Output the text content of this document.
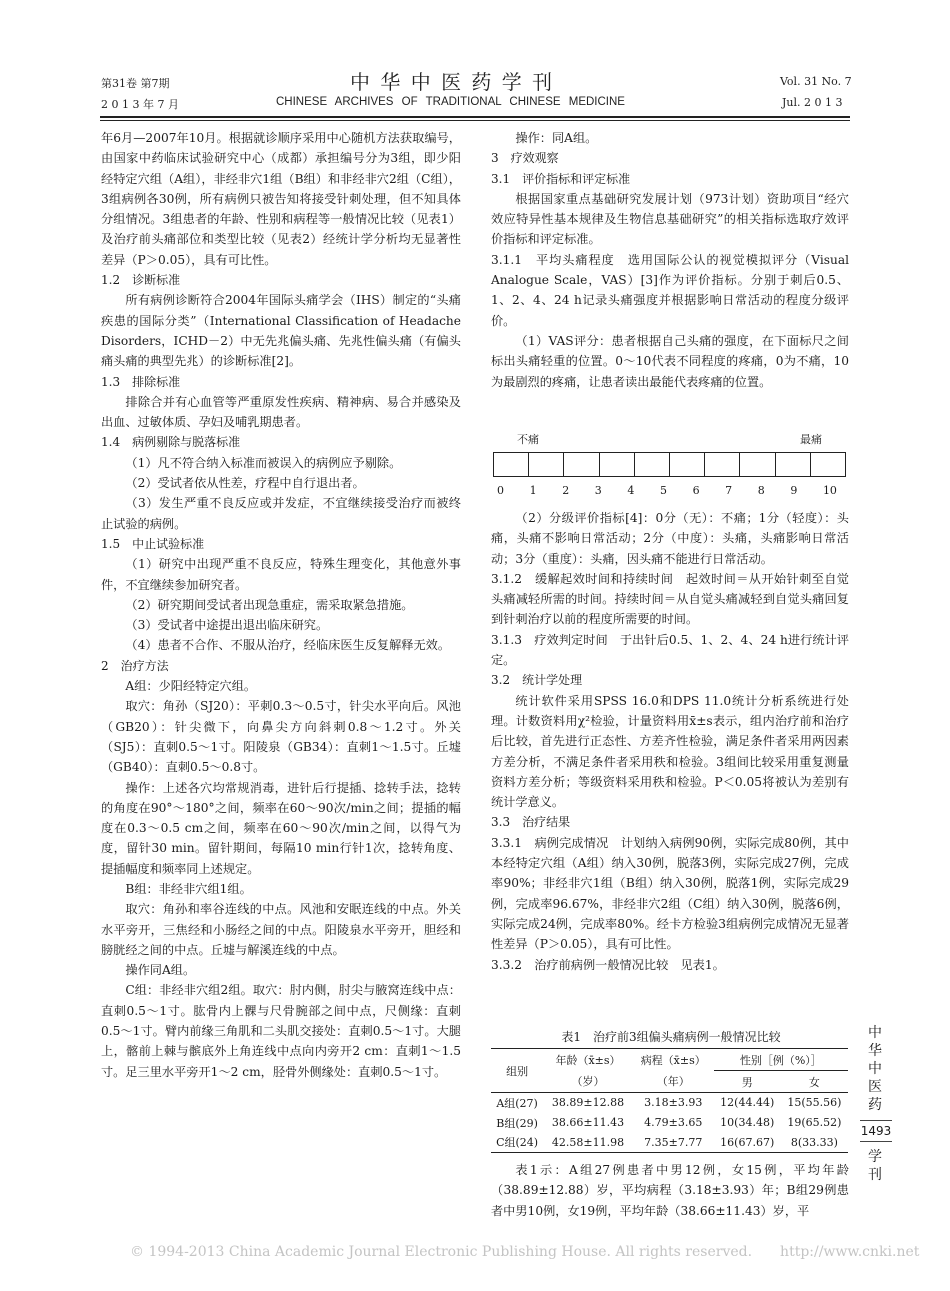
第31卷 第7期
2 0 1 3 年 7 月
中 华 中 医 药 学 刊
CHINESE ARCHIVES OF TRADITIONAL CHINESE MEDICINE
Vol. 31 No. 7
Jul. 2 0 1 3

年6月—2007年10月。根据就诊顺序采用中心随机方法获取编号，由国家中药临床试验研究中心（成都）承担编号分为3组，即少阳经特定穴组（A组），非经非穴1组（B组）和非经非穴2组（C组），3组病例各30例，所有病例只被告知将接受针刺处理，但不知具体分组情况。3组患者的年龄、性别和病程等一般情况比较（见表1）及治疗前头痛部位和类型比较（见表2）经统计学分析均无显著性差异（P＞0.05），具有可比性。

1.2　诊断标准

所有病例诊断符合2004年国际头痛学会（IHS）制定的“头痛疾患的国际分类”（International Classification of Headache Disorders，ICHD－2）中无先兆偏头痛、先兆性偏头痛（有偏头痛头痛的典型先兆）的诊断标准[2]。

1.3　排除标准

排除合并有心血管等严重原发性疾病、精神病、易合并感染及出血、过敏体质、孕妇及哺乳期患者。

1.4　病例剔除与脱落标准

（1）凡不符合纳入标准而被误入的病例应予剔除。

（2）受试者依从性差，疗程中自行退出者。

（3）发生严重不良反应或并发症，不宜继续接受治疗而被终止试验的病例。

1.5　中止试验标准

（1）研究中出现严重不良反应，特殊生理变化，其他意外事件，不宜继续参加研究者。

（2）研究期间受试者出现急重症，需采取紧急措施。

（3）受试者中途提出退出临床研究。

（4）患者不合作、不服从治疗，经临床医生反复解释无效。

2　治疗方法

A组：少阳经特定穴组。

取穴：角孙（SJ20）：平刺0.3～0.5寸，针尖水平向后。风池（GB20）：针尖微下，向鼻尖方向斜刺0.8～1.2寸。外关（SJ5）：直刺0.5～1寸。阳陵泉（GB34）：直刺1～1.5寸。丘墟（GB40）：直刺0.5～0.8寸。

操作：上述各穴均常规消毒，进针后行提插、捻转手法，捻转的角度在90°～180°之间，频率在60～90次/min之间；提插的幅度在0.3～0.5 cm之间，频率在60～90次/min之间，以得气为度，留针30 min。留针期间，每隔10 min行针1次，捻转角度、提插幅度和频率同上述规定。

B组：非经非穴组1组。

取穴：角孙和率谷连线的中点。风池和安眠连线的中点。外关水平旁开，三焦经和小肠经之间的中点。阳陵泉水平旁开，胆经和膀胱经之间的中点。丘墟与解溪连线的中点。

操作同A组。

C组：非经非穴组2组。取穴：肘内侧，肘尖与腋窝连线中点：直刺0.5～1寸。肱骨内上髁与尺骨腕部之间中点，尺侧缘：直刺0.5～1寸。臂内前缘三角肌和二头肌交接处：直刺0.5～1寸。大腿上，髂前上棘与髌底外上角连线中点向内旁开2 cm：直刺1～1.5寸。足三里水平旁开1～2 cm，胫骨外侧缘处：直刺0.5～1寸。

操作：同A组。

3　疗效观察

3.1　评价指标和评定标准

根据国家重点基础研究发展计划（973计划）资助项目“经穴效应特异性基本规律及生物信息基础研究”的相关指标选取疗效评价指标和评定标准。

3.1.1　平均头痛程度　选用国际公认的视觉模拟评分（Visual Analogue Scale，VAS）[3]作为评价指标。分别于刺后0.5、1、2、4、24 h记录头痛强度并根据影响日常活动的程度分级评价。

（1）VAS评分：患者根据自己头痛的强度，在下面标尺之间标出头痛轻重的位置。0～10代表不同程度的疼痛，0为不痛，10为最剧烈的疼痛，让患者读出最能代表疼痛的位置。

不痛	最痛
0 1 2 3 4 5 6 7 8 9 10

（2）分级评价指标[4]：0分（无）：不痛；1分（轻度）：头痛，头痛不影响日常活动；2分（中度）：头痛，头痛影响日常活动；3分（重度）：头痛，因头痛不能进行日常活动。

3.1.2　缓解起效时间和持续时间　起效时间＝从开始针刺至自觉头痛减轻所需的时间。持续时间＝从自觉头痛减轻到自觉头痛回复到针刺治疗以前的程度所需要的时间。

3.1.3　疗效判定时间　于出针后0.5、1、2、4、24 h进行统计评定。

3.2　统计学处理

统计软件采用SPSS 16.0和DPS 11.0统计分析系统进行处理。计数资料用χ²检验，计量资料用x̄±s表示，组内治疗前和治疗后比较，首先进行正态性、方差齐性检验，满足条件者采用两因素方差分析，不满足条件者采用秩和检验。3组间比较采用重复测量资料方差分析；等级资料采用秩和检验。P＜0.05将被认为差别有统计学意义。

3.3　治疗结果

3.3.1　病例完成情况　计划纳入病例90例，实际完成80例，其中本经特定穴组（A组）纳入30例，脱落3例，实际完成27例，完成率90%；非经非穴1组（B组）纳入30例，脱落1例，实际完成29例，完成率96.67%，非经非穴2组（C组）纳入30例，脱落6例，实际完成24例，完成率80%。经卡方检验3组病例完成情况无显著性差异（P＞0.05），具有可比性。

3.3.2　治疗前病例一般情况比较　见表1。

表1　治疗前3组偏头痛病例一般情况比较
组别	年龄（x̄±s）	病程（x̄±s）	性别［例（%）］	
	（岁）	（年）	男	女
A组(27)	38.89±12.88	3.18±3.93	12(44.44)	15(55.56)
B组(29)	38.66±11.43	4.79±3.65	10(34.48)	19(65.52)
C组(24)	42.58±11.98	7.35±7.77	16(67.67)	8(33.33)

表1示：A组27例患者中男12例，女15例，平均年龄（38.89±12.88）岁，平均病程（3.18±3.93）年；B组29例患者中男10例，女19例，平均年龄（38.66±11.43）岁，平

中华中医药
1493
学刊
© 1994-2013 China Academic Journal Electronic Publishing House. All rights reserved.　　http://www.cnki.net
